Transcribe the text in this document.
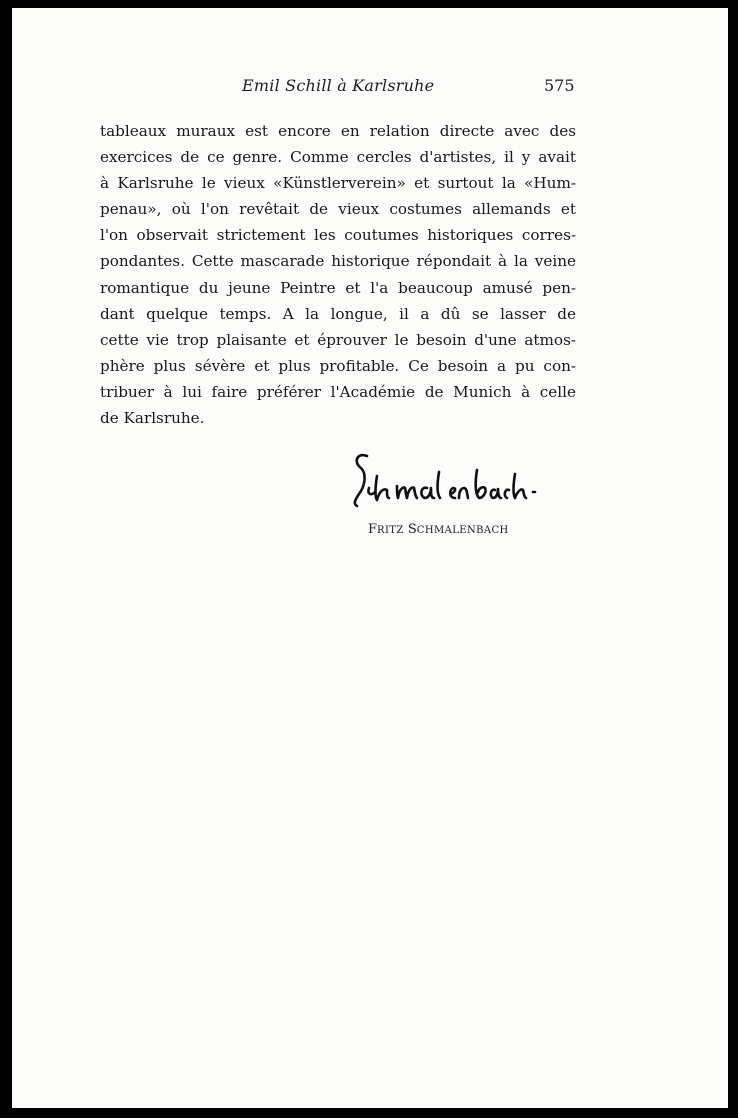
Emil Schill à Karlsruhe	575
tableaux muraux est encore en relation directe avec des
exercices de ce genre. Comme cercles d'artistes, il y avait
à Karlsruhe le vieux «Künstlerverein» et surtout la «Hum-
penau», où l'on revêtait de vieux costumes allemands et
l'on observait strictement les coutumes historiques corres-
pondantes. Cette mascarade historique répondait à la veine
romantique du jeune Peintre et l'a beaucoup amusé pen-
dant quelque temps. A la longue, il a dû se lasser de
cette vie trop plaisante et éprouver le besoin d'une atmos-
phère plus sévère et plus profitable. Ce besoin a pu con-
tribuer à lui faire préférer l'Académie de Munich à celle
de Karlsruhe.
FRITZ SCHMALENBACH
